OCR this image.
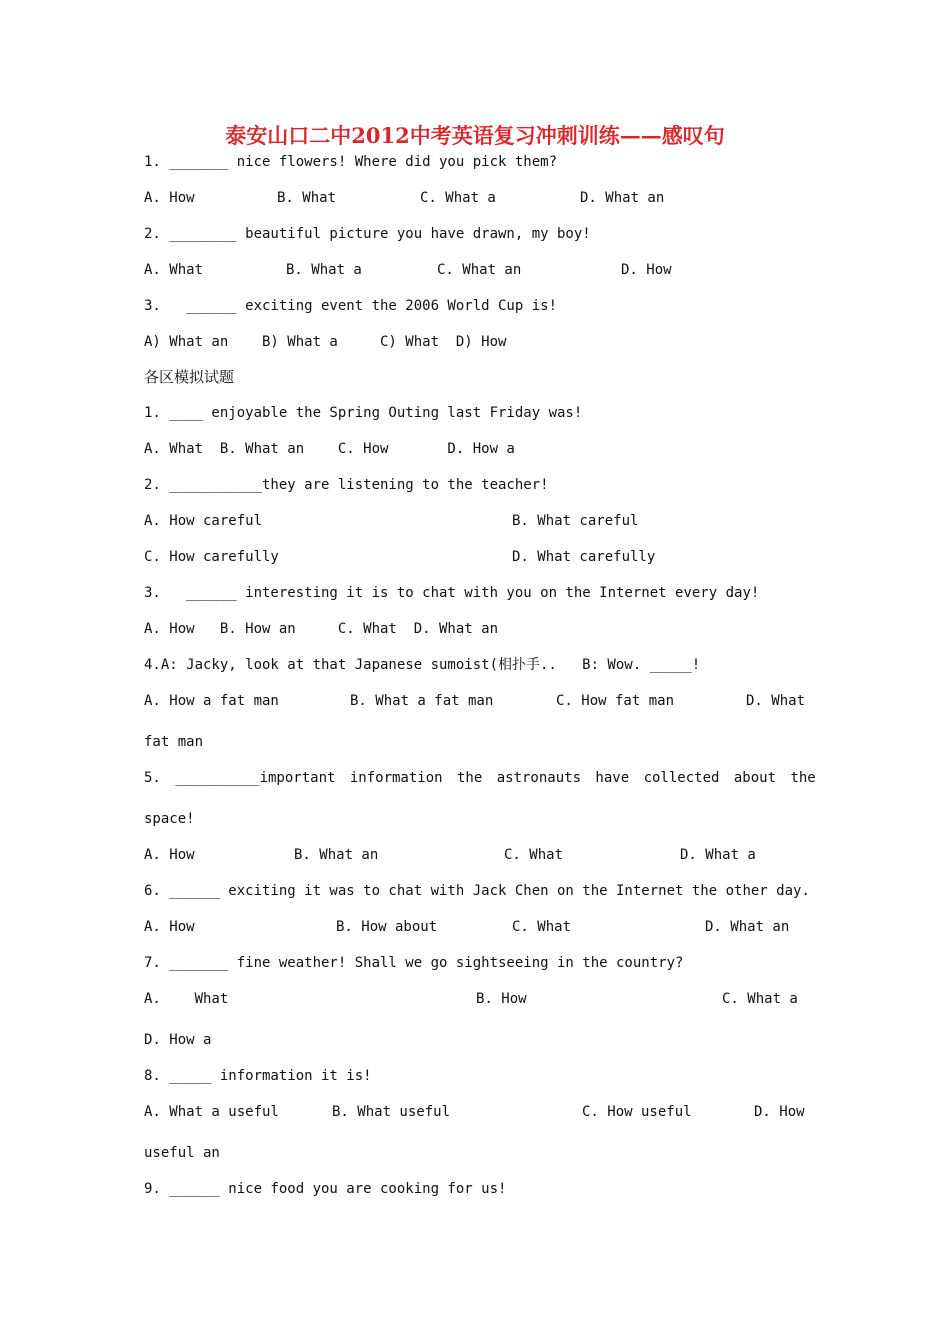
泰安山口二中2012中考英语复习冲刺训练——感叹句
1. _______ nice flowers! Where did you pick them?
A. How	B. What	C. What a	D. What an
2. ________ beautiful picture you have drawn, my boy!
A. What	B. What a	C. What an	D. How
3.   ______ exciting event the 2006 World Cup is!
A) What an    B) What a     C) What  D) How
各区模拟试题
1. ____ enjoyable the Spring Outing last Friday was!
A. What  B. What an    C. How       D. How a
2. ___________they are listening to the teacher!
A. How careful	B. What careful
C. How carefully	D. What carefully
3.   ______ interesting it is to chat with you on the Internet every day!
A. How   B. How an     C. What  D. What an
4.A: Jacky, look at that Japanese sumoist(相扑手..   B: Wow. _____!
A. How a fat man	B. What a fat man	C. How fat man	D. What
fat man
5. __________important information the astronauts have collected about the
space!
A. How	B. What an	C. What	D. What a
6. ______ exciting it was to chat with Jack Chen on the Internet the other day.
A. How	B. How about	C. What	D. What an
7. _______ fine weather! Shall we go sightseeing in the country?
A.    What	B. How	C. What a
D. How a
8. _____ information it is!
A. What a useful	B. What useful	C. How useful	D. How
useful an
9. ______ nice food you are cooking for us!
